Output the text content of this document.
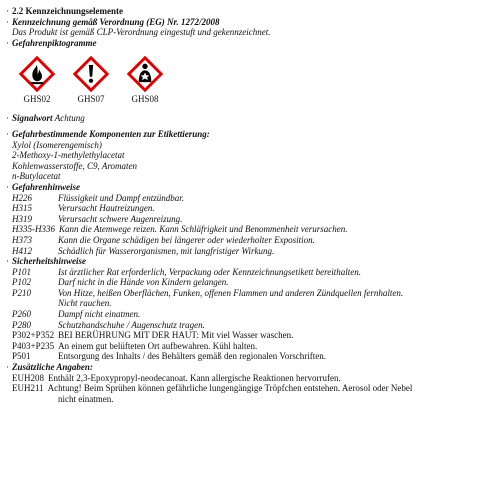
· 2.2 Kennzeichnungselemente
· Kennzeichnung gemäß Verordnung (EG) Nr. 1272/2008
Das Produkt ist gemäß CLP-Verordnung eingestuft und gekennzeichnet.
· Gefahrenpiktogramme
GHS02	GHS07	GHS08
· Signalwort Achtung
· Gefahrbestimmende Komponenten zur Etikettierung:
Xylol (Isomerengemisch)
2-Methoxy-1-methylethylacetat
Kohlenwasserstoffe, C9, Aromaten
n-Butylacetat
· Gefahrenhinweise
H226	Flüssigkeit und Dampf entzündbar.
H315	Verursacht Hautreizungen.
H319	Verursacht schwere Augenreizung.
H335-H336 Kann die Atemwege reizen. Kann Schläfrigkeit und Benommenheit verursachen.
H373	Kann die Organe schädigen bei längerer oder wiederholter Exposition.
H412	Schädlich für Wasserorganismen, mit langfristiger Wirkung.
· Sicherheitshinweise
P101	Ist ärztlicher Rat erforderlich, Verpackung oder Kennzeichnungsetikett bereithalten.
P102	Darf nicht in die Hände von Kindern gelangen.
P210	Von Hitze, heißen Oberflächen, Funken, offenen Flammen und anderen Zündquellen fernhalten.
Nicht rauchen.
P260	Dampf nicht einatmen.
P280	Schutzhandschuhe / Augenschutz tragen.
P302+P352 BEI BERÜHRUNG MIT DER HAUT: Mit viel Wasser waschen.
P403+P235 An einem gut belüfteten Ort aufbewahren. Kühl halten.
P501	Entsorgung des Inhalts / des Behälters gemäß den regionalen Vorschriften.
· Zusätzliche Angaben:
EUH208 Enthält 2,3-Epoxypropyl-neodecanoat. Kann allergische Reaktionen hervorrufen.
EUH211 Achtung! Beim Sprühen können gefährliche lungengängige Tröpfchen entstehen. Aerosol oder Nebel
nicht einatmen.
